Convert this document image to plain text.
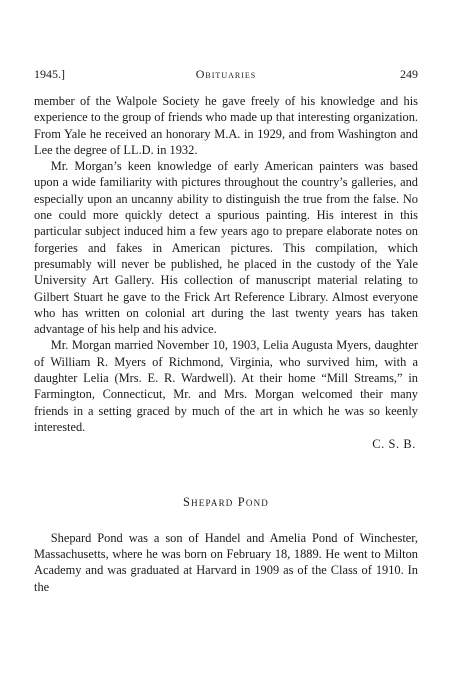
1945.]	Obituaries	249

member of the Walpole Society he gave freely of his knowledge and his experience to the group of friends who made up that interesting organization. From Yale he received an honorary M.A. in 1929, and from Washington and Lee the degree of LL.D. in 1932.

Mr. Morgan’s keen knowledge of early American painters was based upon a wide familiarity with pictures throughout the country’s galleries, and especially upon an uncanny ability to distinguish the true from the false. No one could more quickly detect a spurious painting. His interest in this particular subject induced him a few years ago to prepare elaborate notes on forgeries and fakes in American pictures. This compilation, which presumably will never be published, he placed in the custody of the Yale University Art Gallery. His collection of manuscript material relating to Gilbert Stuart he gave to the Frick Art Reference Library. Almost everyone who has written on colonial art during the last twenty years has taken advantage of his help and his advice.

Mr. Morgan married November 10, 1903, Lelia Augusta Myers, daughter of William R. Myers of Richmond, Virginia, who survived him, with a daughter Lelia (Mrs. E. R. Wardwell). At their home “Mill Streams,” in Farmington, Connecticut, Mr. and Mrs. Morgan welcomed their many friends in a setting graced by much of the art in which he was so keenly interested.

C. S. B.
Shepard Pond

Shepard Pond was a son of Handel and Amelia Pond of Winchester, Massachusetts, where he was born on February 18, 1889. He went to Milton Academy and was graduated at Harvard in 1909 as of the Class of 1910. In the
